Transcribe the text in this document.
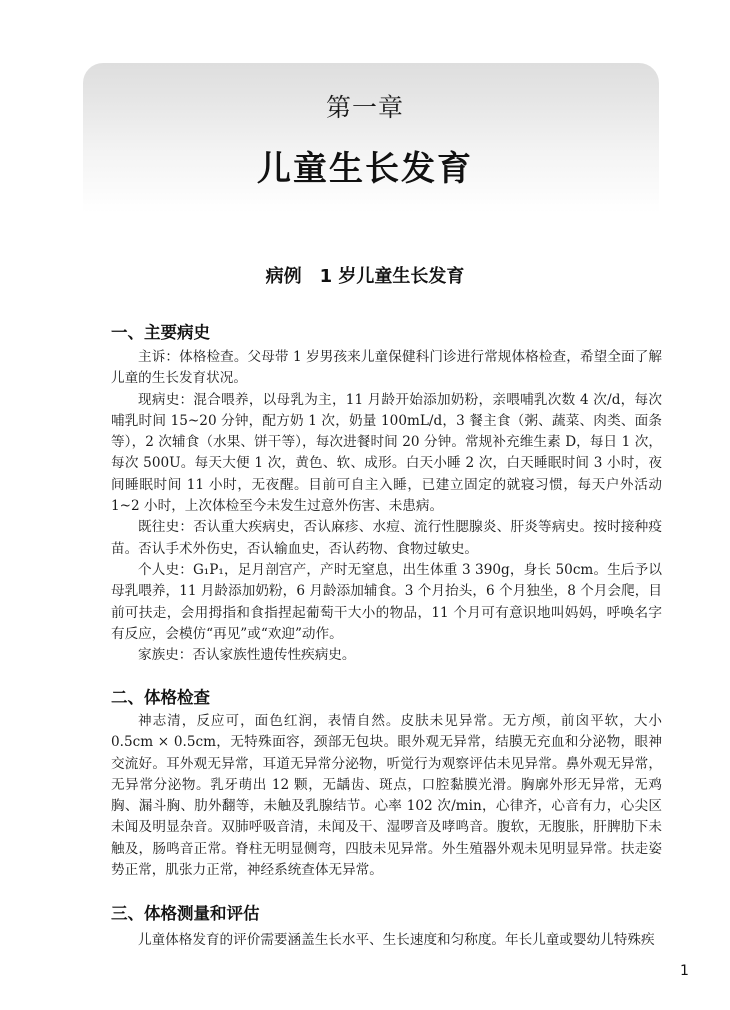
第一章
儿童生长发育
病例 1 岁儿童生长发育
一、主要病史

主诉：体格检查。父母带 1 岁男孩来儿童保健科门诊进行常规体格检查，希望全面了解儿童的生长发育状况。

现病史：混合喂养，以母乳为主，11 月龄开始添加奶粉，亲喂哺乳次数 4 次/d，每次哺乳时间 15~20 分钟，配方奶 1 次，奶量 100mL/d，3 餐主食（粥、蔬菜、肉类、面条等），2 次辅食（水果、饼干等），每次进餐时间 20 分钟。常规补充维生素 D，每日 1 次，每次 500U。每天大便 1 次，黄色、软、成形。白天小睡 2 次，白天睡眠时间 3 小时，夜间睡眠时间 11 小时，无夜醒。目前可自主入睡，已建立固定的就寝习惯，每天户外活动 1~2 小时，上次体检至今未发生过意外伤害、未患病。

既往史：否认重大疾病史，否认麻疹、水痘、流行性腮腺炎、肝炎等病史。按时接种疫苗。否认手术外伤史，否认输血史，否认药物、食物过敏史。

个人史：G₁P₁，足月剖宫产，产时无窒息，出生体重 3 390g，身长 50cm。生后予以母乳喂养，11 月龄添加奶粉，6 月龄添加辅食。3 个月抬头，6 个月独坐，8 个月会爬，目前可扶走，会用拇指和食指捏起葡萄干大小的物品，11 个月可有意识地叫妈妈，呼唤名字有反应，会模仿“再见”或“欢迎”动作。

家族史：否认家族性遗传性疾病史。

二、体格检查

神志清，反应可，面色红润，表情自然。皮肤未见异常。无方颅，前囟平软，大小 0.5cm × 0.5cm，无特殊面容，颈部无包块。眼外观无异常，结膜无充血和分泌物，眼神交流好。耳外观无异常，耳道无异常分泌物，听觉行为观察评估未见异常。鼻外观无异常，无异常分泌物。乳牙萌出 12 颗，无龋齿、斑点，口腔黏膜光滑。胸廓外形无异常，无鸡胸、漏斗胸、肋外翻等，未触及乳腺结节。心率 102 次/min，心律齐，心音有力，心尖区未闻及明显杂音。双肺呼吸音清，未闻及干、湿啰音及哮鸣音。腹软，无腹胀，肝脾肋下未触及，肠鸣音正常。脊柱无明显侧弯，四肢未见异常。外生殖器外观未见明显异常。扶走姿势正常，肌张力正常，神经系统查体无异常。

三、体格测量和评估

儿童体格发育的评价需要涵盖生长水平、生长速度和匀称度。年长儿童或婴幼儿特殊疾

1
